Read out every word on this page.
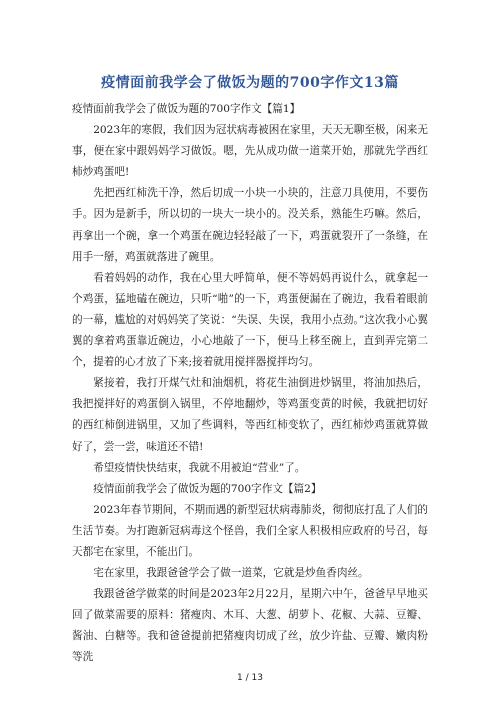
疫情面前我学会了做饭为题的700字作文13篇

疫情面前我学会了做饭为题的700字作文【篇1】

2023年的寒假，我们因为冠状病毒被困在家里，天天无聊至极，闲来无事，便在家中跟妈妈学习做饭。嗯，先从成功做一道菜开始，那就先学西红柿炒鸡蛋吧!

先把西红柿洗干净，然后切成一小块一小块的，注意刀具使用，不要伤手。因为是新手，所以切的一块大一块小的。没关系，熟能生巧嘛。然后，再拿出一个碗，拿一个鸡蛋在碗边轻轻敲了一下，鸡蛋就裂开了一条缝，在用手一掰，鸡蛋就落进了碗里。

看着妈妈的动作，我在心里大呼简单，便不等妈妈再说什么，就拿起一个鸡蛋，猛地磕在碗边，只听“啪”的一下，鸡蛋便漏在了碗边，我看着眼前的一幕，尴尬的对妈妈笑了笑说：“失误、失误，我用小点劲。”这次我小心翼翼的拿着鸡蛋靠近碗边，小心地敲了一下，便马上移至碗上，直到弄完第二个，提着的心才放了下来;接着就用搅拌器搅拌均匀。

紧接着，我打开煤气灶和油烟机，将花生油倒进炒锅里，将油加热后，我把搅拌好的鸡蛋倒入锅里，不停地翻炒，等鸡蛋变黄的时候，我就把切好的西红柿倒进锅里，又加了些调料，等西红柿变软了，西红柿炒鸡蛋就算做好了，尝一尝，味道还不错!

希望疫情快快结束，我就不用被迫“营业”了。

疫情面前我学会了做饭为题的700字作文【篇2】

2023年春节期间，不期而遇的新型冠状病毒肺炎，彻彻底打乱了人们的生活节奏。为打跑新冠病毒这个怪兽，我们全家人积极相应政府的号召，每天都宅在家里，不能出门。

宅在家里，我跟爸爸学会了做一道菜，它就是炒鱼香肉丝。

我跟爸爸学做菜的时间是2023年2月22月，星期六中午，爸爸早早地买回了做菜需要的原料：猪瘦肉、木耳、大葱、胡萝卜、花椒、大蒜、豆瓣、酱油、白糖等。我和爸爸提前把猪瘦肉切成了丝，放少许盐、豆瓣、嫩肉粉等洗

1 / 13
